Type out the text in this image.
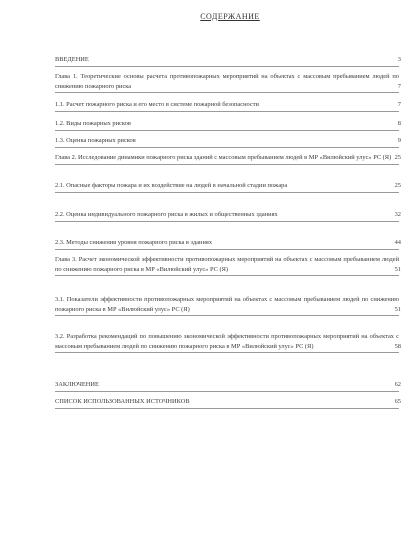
СОДЕРЖАНИЕ
ВВЕДЕНИЕ	3
Глава 1. Теоретические основы расчета противопожарных мероприятий на объектах с массовым пребыванием людей по снижению пожарного риска	7
1.1. Расчет пожарного риска и его место в системе пожарной безопасности	7
1.2. Виды пожарных рисков	8
1.3. Оценка пожарных рисков	9
Глава 2. Исследование динамики пожарного риска зданий с массовым пребыванием людей в МР «Вилюйский улус» РС (Я) 25
2.1. Опасные факторы пожара и их воздействие на людей в начальной стадии пожара	25
2.2. Оценка индивидуального пожарного риска в жилых и общественных зданиях	32
2.3. Методы снижения уровня пожарного риска в зданиях	44
Глава 3. Расчет экономической эффективности противопожарных мероприятий на объектах с массовым пребыванием людей по снижению пожарного риска в МР «Вилюйский улус» РС (Я)	51
3.1. Показатели эффективности противопожарных мероприятий на объектах с массовым пребыванием людей по снижению пожарного риска в МР «Вилюйский улус» РС (Я)	51
3.2. Разработка рекомендаций по повышению экономической эффективности противопожарных мероприятий на объектах с массовым пребыванием людей по снижению пожарного риска в МР «Вилюйский улус» РС (Я)	58
ЗАКЛЮЧЕНИЕ	62
СПИСОК ИСПОЛЬЗОВАННЫХ ИСТОЧНИКОВ	65
